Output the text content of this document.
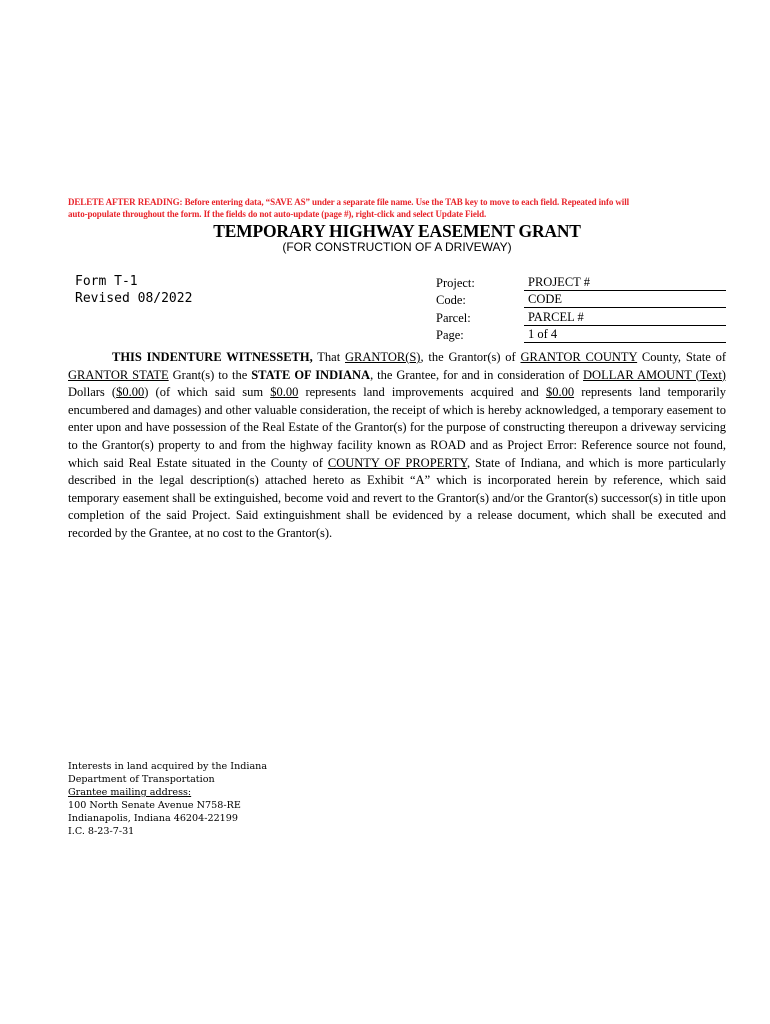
DELETE AFTER READING: Before entering data, “SAVE AS” under a separate file name. Use the TAB key to move to each field. Repeated info will
auto-populate throughout the form. If the fields do not auto-update (page #), right-click and select Update Field.
TEMPORARY HIGHWAY EASEMENT GRANT
(FOR CONSTRUCTION OF A DRIVEWAY)
Form T-1
Revised 08/2022
Project:	PROJECT #
Code:	CODE
Parcel:	PARCEL #
Page:	1 of 4
THIS INDENTURE WITNESSETH, That GRANTOR(S), the Grantor(s) of GRANTOR COUNTY County, State of GRANTOR STATE Grant(s) to the STATE OF INDIANA, the Grantee, for and in consideration of DOLLAR AMOUNT (Text) Dollars ($0.00) (of which said sum $0.00 represents land improvements acquired and $0.00 represents land temporarily encumbered and damages) and other valuable consideration, the receipt of which is hereby acknowledged, a temporary easement to enter upon and have possession of the Real Estate of the Grantor(s) for the purpose of constructing thereupon a driveway servicing to the Grantor(s) property to and from the highway facility known as ROAD and as Project Error: Reference source not found, which said Real Estate situated in the County of COUNTY OF PROPERTY, State of Indiana, and which is more particularly described in the legal description(s) attached hereto as Exhibit “A” which is incorporated herein by reference, which said temporary easement shall be extinguished, become void and revert to the Grantor(s) and/or the Grantor(s) successor(s) in title upon completion of the said Project. Said extinguishment shall be evidenced by a release document, which shall be executed and recorded by the Grantee, at no cost to the Grantor(s).
Interests in land acquired by the Indiana
Department of Transportation
Grantee mailing address:
100 North Senate Avenue N758-RE
Indianapolis, Indiana 46204-22199
I.C. 8-23-7-31
